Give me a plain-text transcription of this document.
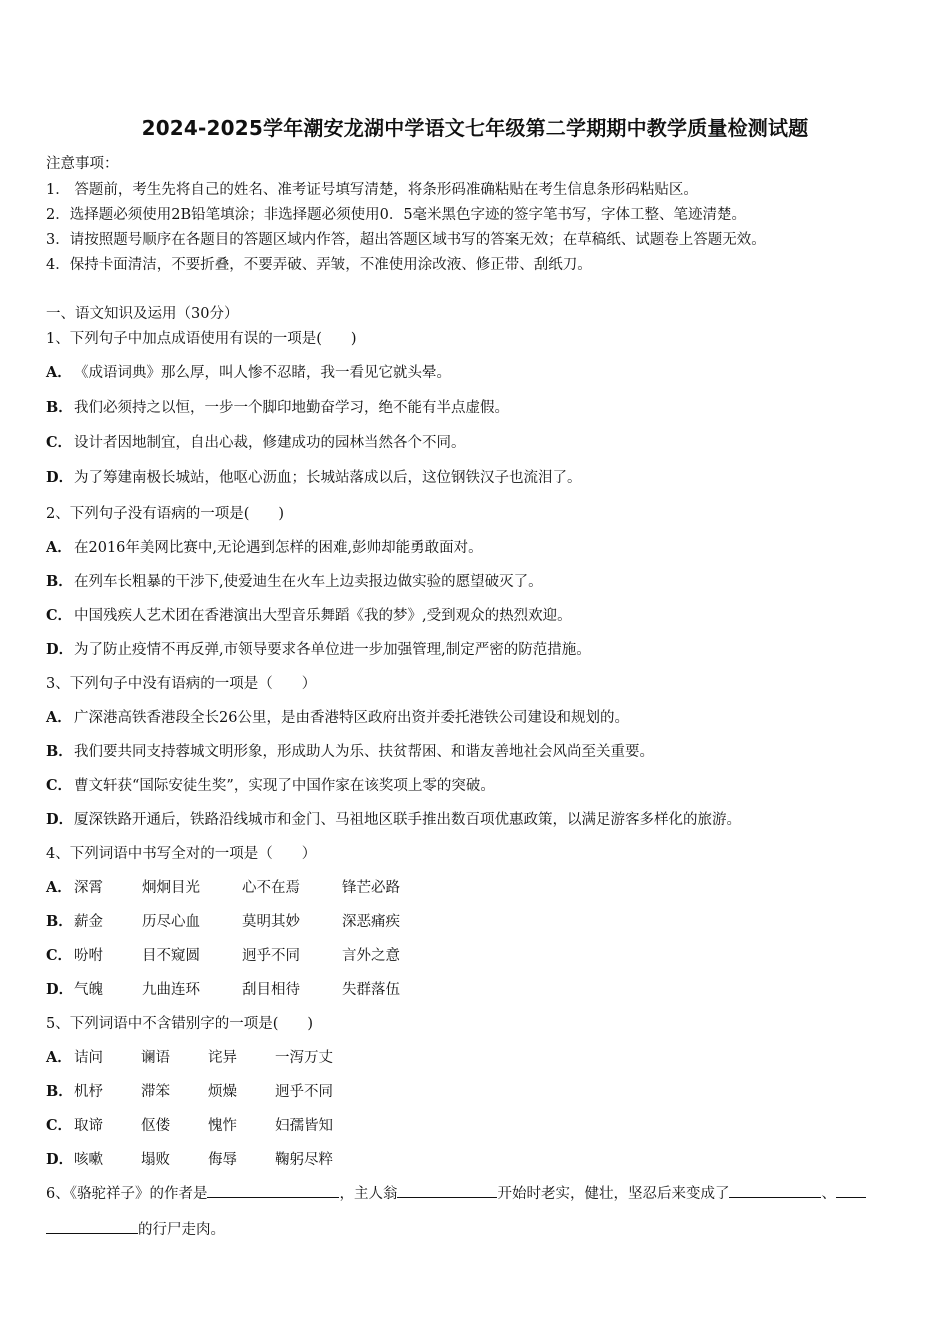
2024-2025学年潮安龙湖中学语文七年级第二学期期中教学质量检测试题
注意事项：
1． 答题前，考生先将自己的姓名、准考证号填写清楚，将条形码准确粘贴在考生信息条形码粘贴区。
2．选择题必须使用2B铅笔填涂；非选择题必须使用0．5毫米黑色字迹的签字笔书写，字体工整、笔迹清楚。
3．请按照题号顺序在各题目的答题区域内作答，超出答题区域书写的答案无效；在草稿纸、试题卷上答题无效。
4．保持卡面清洁，不要折叠，不要弄破、弄皱，不准使用涂改液、修正带、刮纸刀。
一、语文知识及运用（30分）
1、下列句子中加点成语使用有误的一项是(　　)
A． 《成语词典》那么厚，叫人惨不忍睹，我一看见它就头晕。
B．我们必须持之以恒，一步一个脚印地勤奋学习，绝不能有半点虚假。
C． 设计者因地制宜，自出心裁，修建成功的园林当然各个不同。
D．为了筹建南极长城站，他呕心沥血；长城站落成以后，这位钢铁汉子也流泪了。
2、下列句子没有语病的一项是(　　)
A． 在2016年美网比赛中,无论遇到怎样的困难,彭帅却能勇敢面对。
B．在列车长粗暴的干涉下,使爱迪生在火车上边卖报边做实验的愿望破灭了。
C． 中国残疾人艺术团在香港演出大型音乐舞蹈《我的梦》,受到观众的热烈欢迎。
D．为了防止疫情不再反弹,市领导要求各单位进一步加强管理,制定严密的防范措施。
3、下列句子中没有语病的一项是（　　）
A． 广深港高铁香港段全长26公里，是由香港特区政府出资并委托港铁公司建设和规划的。
B．我们要共同支持蓉城文明形象，形成助人为乐、扶贫帮困、和谐友善地社会风尚至关重要。
C． 曹文轩获“国际安徒生奖”，实现了中国作家在该奖项上零的突破。
D．厦深铁路开通后，铁路沿线城市和金门、马祖地区联手推出数百项优惠政策，以满足游客多样化的旅游。
4、下列词语中书写全对的一项是（　　）
A． 深霄	炯炯目光	心不在焉	锋芒必路
B．薪金	历尽心血	莫明其妙	深恶痛疾
C． 吩咐	目不窥圆	迥乎不同	言外之意
D．气魄	九曲连环	刮目相待	失群落伍
5、下列词语中不含错别字的一项是(　　)
A． 诘问	谰语	诧异	一泻万丈
B．机杼	滞笨	烦燥	迥乎不同
C． 取谛	伛偻	愧怍	妇孺皆知
D．咳嗽	塌败	侮辱	鞠躬尽粹
6、《骆驼祥子》的作者是	，主人翁	开始时老实，健壮，坚忍后来变成了	、
的行尸走肉。
